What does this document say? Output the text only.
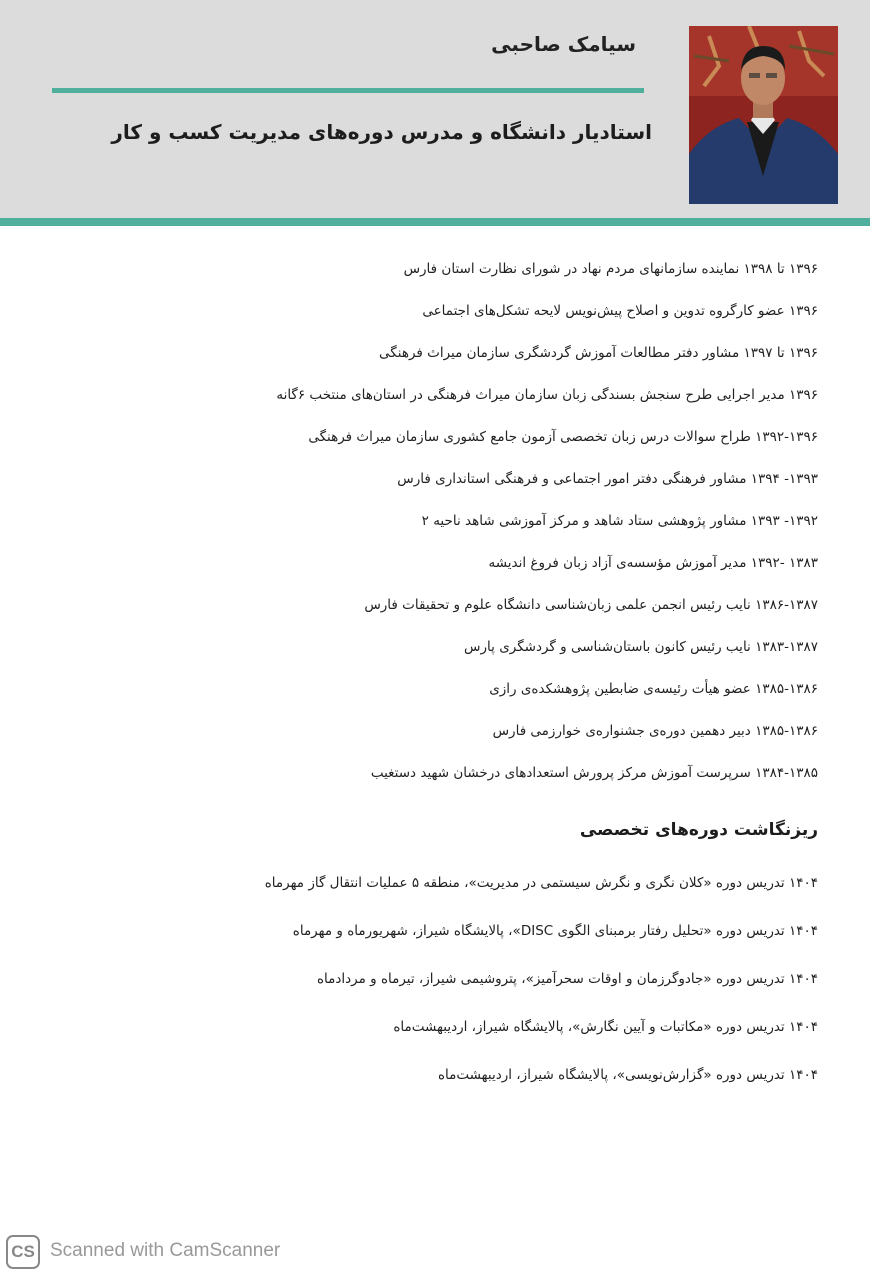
سیامک صاحبی
استادیار دانشگاه و مدرس دوره‌های مدیریت کسب و کار
۱۳۹۶ تا ۱۳۹۸ نماینده سازمانهای مردم نهاد در شورای نظارت استان فارس
۱۳۹۶ عضو کارگروه تدوین و اصلاح پیش‌نویس لایحه تشکل‌های اجتماعی
۱۳۹۶ تا ۱۳۹۷ مشاور دفتر مطالعات آموزش گردشگری سازمان میراث فرهنگی
۱۳۹۶ مدیر اجرایی طرح سنجش بسندگی زبان سازمان میراث فرهنگی در استان‌های منتخب ۶گانه
۱۳۹۲-۱۳۹۶ طراح سوالات درس زبان تخصصی آزمون جامع کشوری سازمان میراث فرهنگی
۱۳۹۳- ۱۳۹۴ مشاور فرهنگی دفتر امور اجتماعی و فرهنگی استانداری فارس
۱۳۹۲- ۱۳۹۳ مشاور پژوهشی ستاد شاهد و مرکز آموزشی شاهد ناحیه ۲
۱۳۸۳ -۱۳۹۲ مدیر آموزش مؤسسه‌ی آزاد زبان فروغ اندیشه
۱۳۸۶-۱۳۸۷ نایب رئیس انجمن علمی زبان‌شناسی دانشگاه علوم و تحقیقات فارس
۱۳۸۳-۱۳۸۷ نایب رئیس کانون باستان‌شناسی و گردشگری پارس
۱۳۸۵-۱۳۸۶ عضو هیأت رئیسه‌ی ضابطین پژوهشکده‌ی رازی
۱۳۸۵-۱۳۸۶ دبیر دهمین دوره‌ی جشنواره‌ی خوارزمی فارس
۱۳۸۴-۱۳۸۵ سرپرست آموزش مرکز پرورش استعدادهای درخشان شهید دستغیب
ریزنگاشت دوره‌های تخصصی
۱۴۰۴ تدریس دوره «کلان نگری و نگرش سیستمی در مدیریت»، منطقه ۵ عملیات انتقال گاز مهرماه
۱۴۰۴ تدریس دوره «تحلیل رفتار برمبنای الگوی DISC»، پالایشگاه شیراز، شهریورماه و مهرماه
۱۴۰۴ تدریس دوره «جادوگرزمان و اوقات سحرآمیز»، پتروشیمی شیراز، تیرماه و مردادماه
۱۴۰۴ تدریس دوره «مکاتبات و آیین نگارش»، پالایشگاه شیراز، اردیبهشت‌ماه
۱۴۰۴ تدریس دوره «گزارش‌نویسی»، پالایشگاه شیراز، اردیبهشت‌ماه
CS Scanned with CamScanner
